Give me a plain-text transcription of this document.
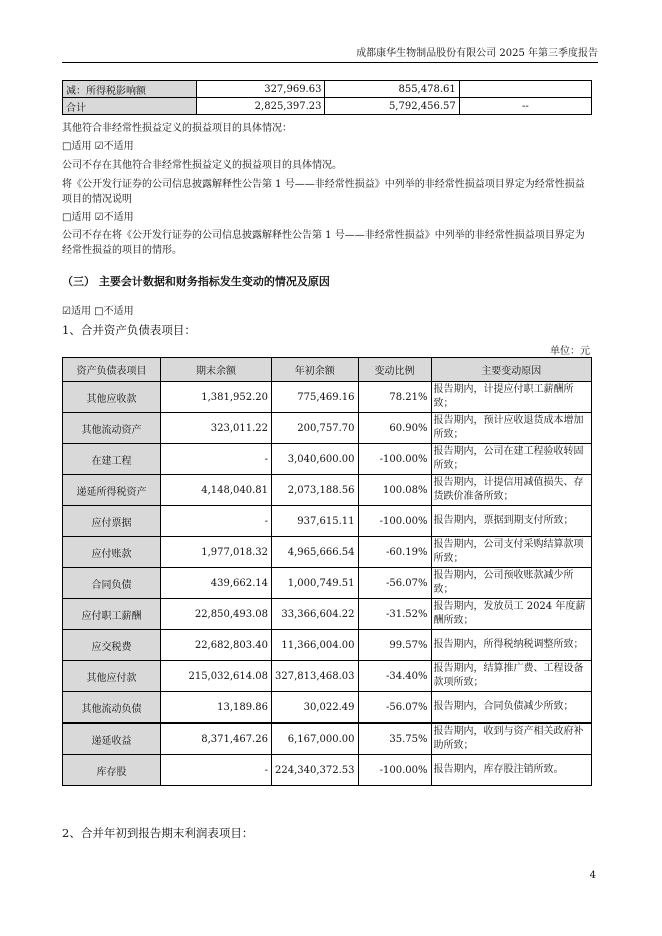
成都康华生物制品股份有限公司 2025 年第三季度报告
减：所得税影响额	327,969.63	855,478.61	
合计	2,825,397.23	5,792,456.57	--
其他符合非经常性损益定义的损益项目的具体情况：
□适用 ☑不适用
公司不存在其他符合非经常性损益定义的损益项目的具体情况。
将《公开发行证券的公司信息披露解释性公告第 1 号——非经常性损益》中列举的非经常性损益项目界定为经常性损益项目的情况说明
□适用 ☑不适用
公司不存在将《公开发行证券的公司信息披露解释性公告第 1 号——非经常性损益》中列举的非经常性损益项目界定为经常性损益的项目的情形。
（三） 主要会计数据和财务指标发生变动的情况及原因
☑适用 □不适用
1、合并资产负债表项目：
单位：元
资产负债表项目	期末余额	年初余额	变动比例	主要变动原因
其他应收款	1,381,952.20	775,469.16	78.21%	报告期内，计提应付职工薪酬所致；
其他流动资产	323,011.22	200,757.70	60.90%	报告期内，预计应收退货成本增加所致；
在建工程	-	3,040,600.00	-100.00%	报告期内，公司在建工程验收转固所致；
递延所得税资产	4,148,040.81	2,073,188.56	100.08%	报告期内，计提信用减值损失、存货跌价准备所致；
应付票据	-	937,615.11	-100.00%	报告期内，票据到期支付所致；
应付账款	1,977,018.32	4,965,666.54	-60.19%	报告期内，公司支付采购结算款项所致；
合同负债	439,662.14	1,000,749.51	-56.07%	报告期内，公司预收账款减少所致；
应付职工薪酬	22,850,493.08	33,366,604.22	-31.52%	报告期内，发放员工 2024 年度薪酬所致；
应交税费	22,682,803.40	11,366,004.00	99.57%	报告期内，所得税纳税调整所致；
其他应付款	215,032,614.08	327,813,468.03	-34.40%	报告期内，结算推广费、工程设备款项所致；
其他流动负债	13,189.86	30,022.49	-56.07%	报告期内，合同负债减少所致；
递延收益	8,371,467.26	6,167,000.00	35.75%	报告期内，收到与资产相关政府补助所致；
库存股	-	224,340,372.53	-100.00%	报告期内，库存股注销所致。
2、合并年初到报告期末利润表项目：
4
